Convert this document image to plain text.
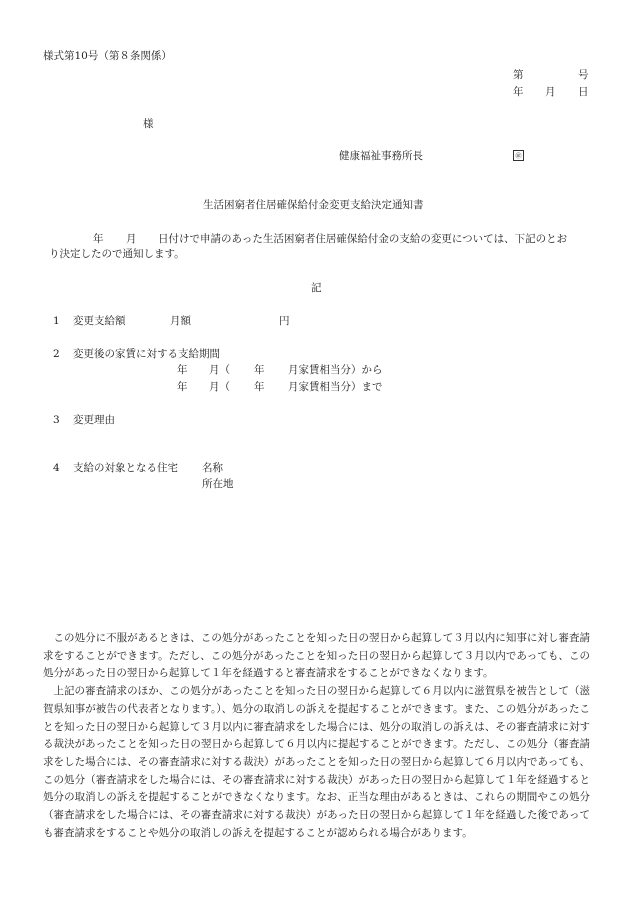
様式第10号（第８条関係）
第	号
年 月 日
様
健康福祉事務所長	㊞
生活困窮者住居確保給付金変更支給決定通知書
年 月 日付けで申請のあった生活困窮者住居確保給付金の支給の変更については、下記のとお
り決定したので通知します。
記
1 変更支給額	月額	円
2 変更後の家賃に対する支給期間
年 月（ 年 月家賃相当分）から
年 月（ 年 月家賃相当分）まで
3 変更理由
4 支給の対象となる住宅 名称
所在地

この処分に不服があるときは、この処分があったことを知った日の翌日から起算して３月以内に知事に対し審査請求をすることができます。ただし、この処分があったことを知った日の翌日から起算して３月以内であっても、この処分があった日の翌日から起算して１年を経過すると審査請求をすることができなくなります。

上記の審査請求のほか、この処分があったことを知った日の翌日から起算して６月以内に滋賀県を被告として（滋賀県知事が被告の代表者となります。）、処分の取消しの訴えを提起することができます。また、この処分があったことを知った日の翌日から起算して３月以内に審査請求をした場合には、処分の取消しの訴えは、その審査請求に対する裁決があったことを知った日の翌日から起算して６月以内に提起することができます。ただし、この処分（審査請求をした場合には、その審査請求に対する裁決）があったことを知った日の翌日から起算して６月以内であっても、この処分（審査請求をした場合には、その審査請求に対する裁決）があった日の翌日から起算して１年を経過すると処分の取消しの訴えを提起することができなくなります。なお、正当な理由があるときは、これらの期間やこの処分（審査請求をした場合には、その審査請求に対する裁決）があった日の翌日から起算して１年を経過した後であっても審査請求をすることや処分の取消しの訴えを提起することが認められる場合があります。
